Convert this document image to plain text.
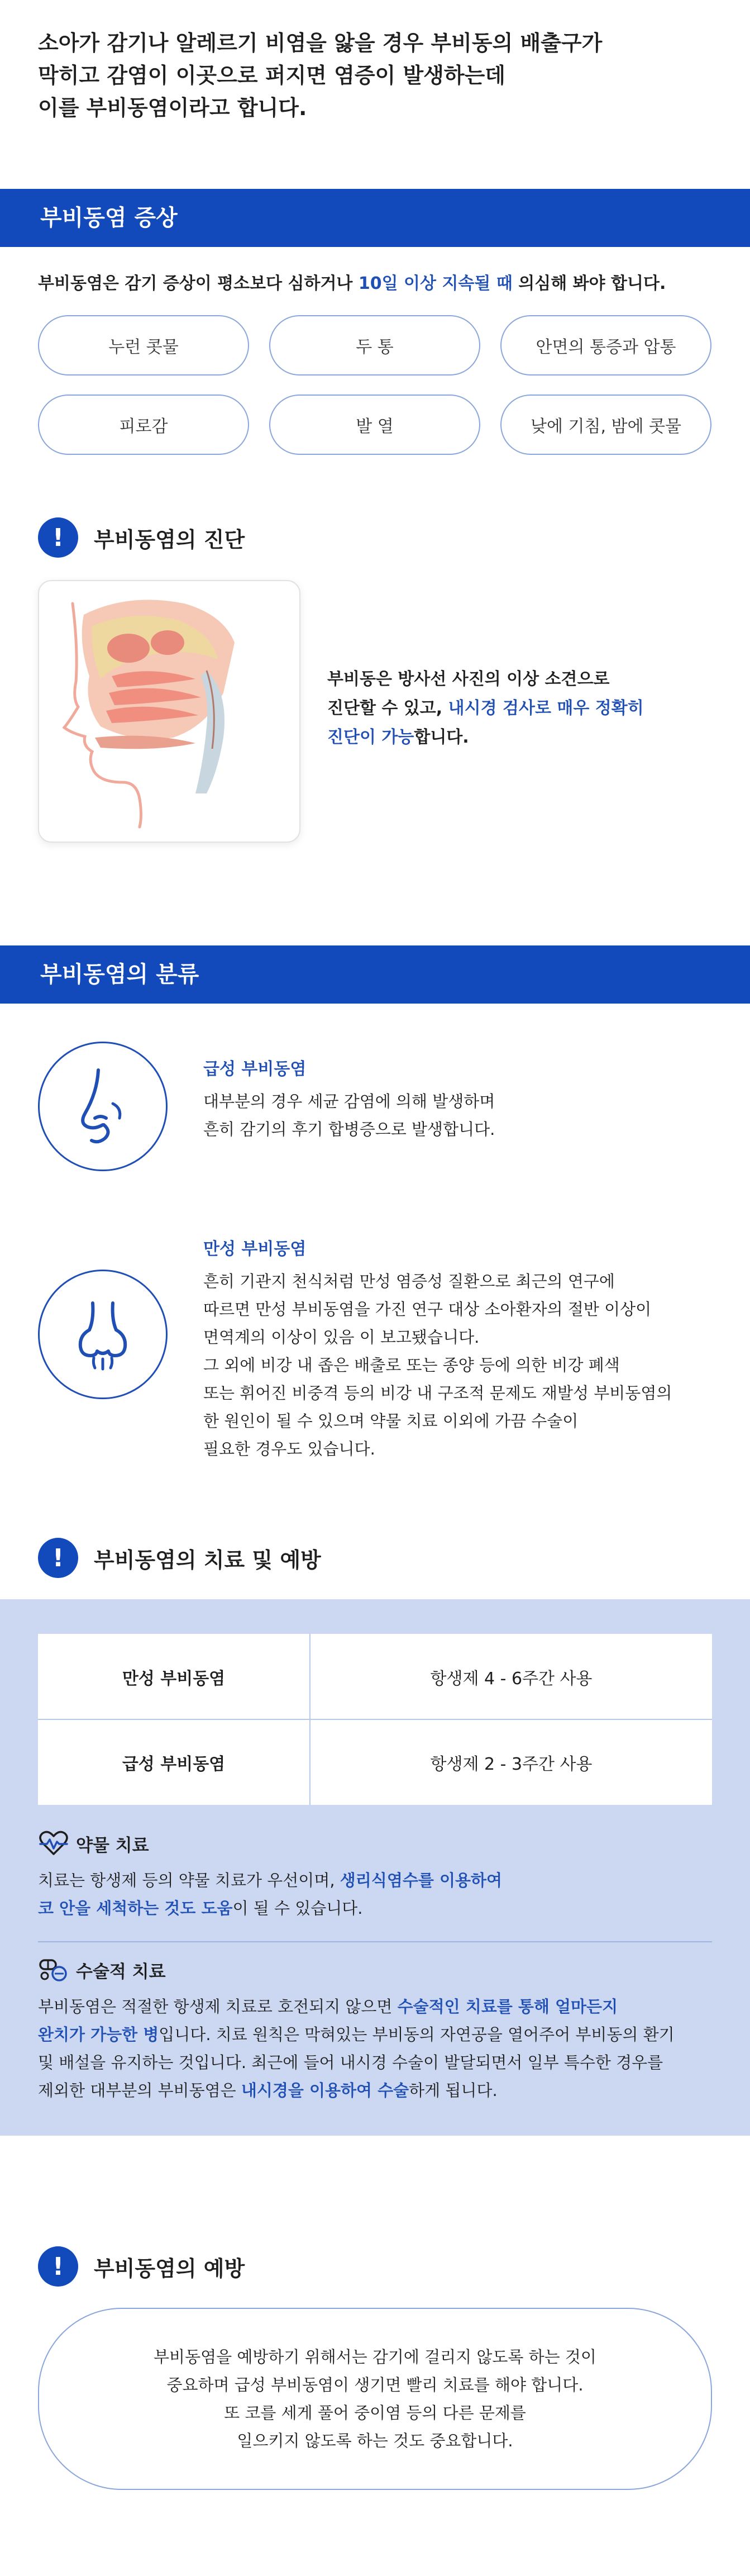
소아가 감기나 알레르기 비염을 앓을 경우 부비동의 배출구가
막히고 감염이 이곳으로 퍼지면 염증이 발생하는데
이를 부비동염이라고 합니다.
부비동염 증상
부비동염은 감기 증상이 평소보다 심하거나 10일 이상 지속될 때 의심해 봐야 합니다.
누런 콧물	두 통	안면의 통증과 압통
피로감	발 열	낮에 기침, 밤에 콧물
!	부비동염의 진단
부비동은 방사선 사진의 이상 소견으로
진단할 수 있고, 내시경 검사로 매우 정확히
진단이 가능합니다.
부비동염의 분류
급성 부비동염
대부분의 경우 세균 감염에 의해 발생하며
흔히 감기의 후기 합병증으로 발생합니다.
만성 부비동염
흔히 기관지 천식처럼 만성 염증성 질환으로 최근의 연구에
따르면 만성 부비동염을 가진 연구 대상 소아환자의 절반 이상이
면역계의 이상이 있음 이 보고됐습니다.
그 외에 비강 내 좁은 배출로 또는 종양 등에 의한 비강 폐색
또는 휘어진 비중격 등의 비강 내 구조적 문제도 재발성 부비동염의
한 원인이 될 수 있으며 약물 치료 이외에 가끔 수술이
필요한 경우도 있습니다.
!	부비동염의 치료 및 예방
만성 부비동염	항생제 4 - 6주간 사용
급성 부비동염	항생제 2 - 3주간 사용
약물 치료
치료는 항생제 등의 약물 치료가 우선이며, 생리식염수를 이용하여
코 안을 세척하는 것도 도움이 될 수 있습니다.
수술적 치료
부비동염은 적절한 항생제 치료로 호전되지 않으면 수술적인 치료를 통해 얼마든지
완치가 가능한 병입니다. 치료 원칙은 막혀있는 부비동의 자연공을 열어주어 부비동의 환기
및 배설을 유지하는 것입니다. 최근에 들어 내시경 수술이 발달되면서 일부 특수한 경우를
제외한 대부분의 부비동염은 내시경을 이용하여 수술하게 됩니다.
!	부비동염의 예방
부비동염을 예방하기 위해서는 감기에 걸리지 않도록 하는 것이
중요하며 급성 부비동염이 생기면 빨리 치료를 해야 합니다.
또 코를 세게 풀어 중이염 등의 다른 문제를
일으키지 않도록 하는 것도 중요합니다.
